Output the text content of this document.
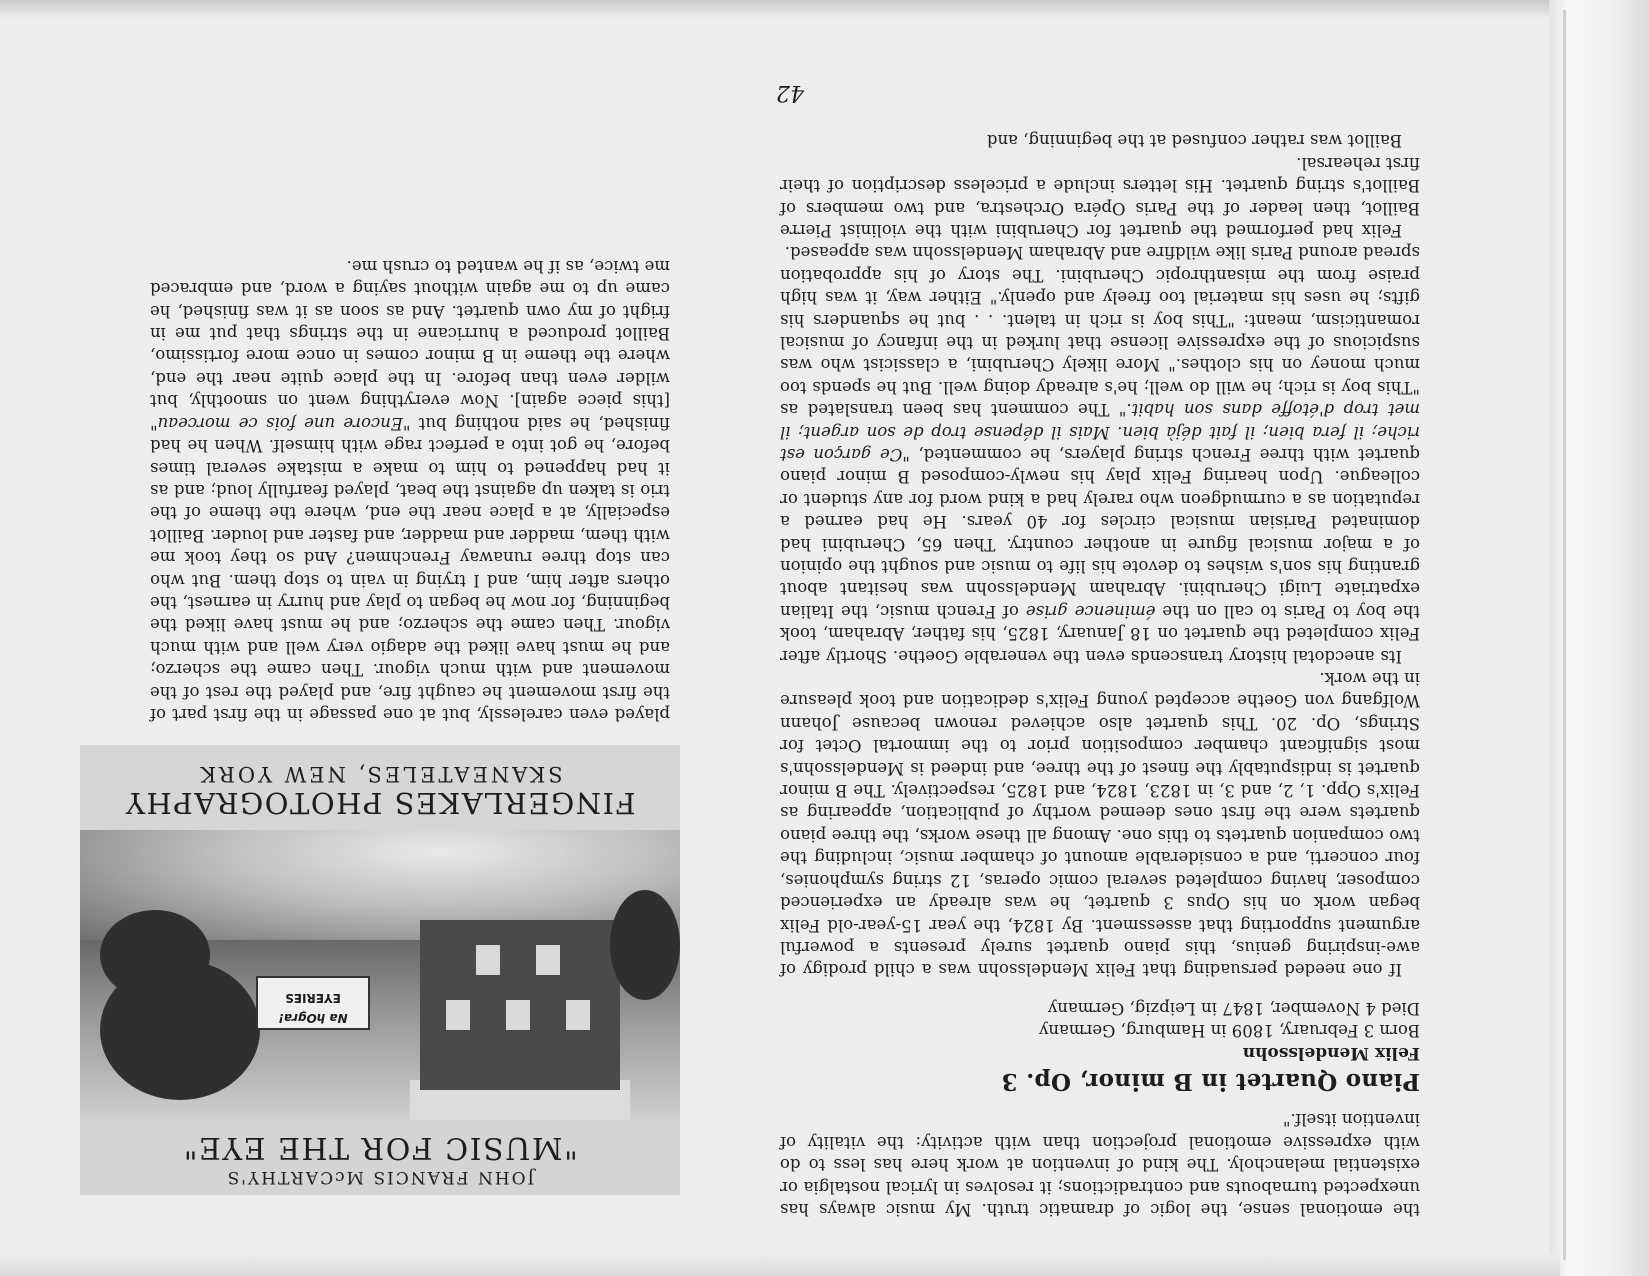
42

the emotional sense, the logic of dramatic truth. My music always has unexpected turnabouts and contradictions; it resolves in lyrical nostalgia or existential melancholy. The kind of invention at work here has less to do with expressive emotional projection than with activity: the vitality of invention itself."

Piano Quartet in B minor, Op. 3

Felix Mendelssohn

Born 3 February, 1809 in Hamburg, Germany

Died 4 November, 1847 in Leipzig, Germany

If one needed persuading that Felix Mendelssohn was a child prodigy of awe-inspiring genius, this piano quartet surely presents a powerful argument supporting that assessment. By 1824, the year 15-year-old Felix began work on his Opus 3 quartet, he was already an experienced composer, having completed several comic operas, 12 string symphonies, four concerti, and a considerable amount of chamber music, including the two companion quartets to this one. Among all these works, the three piano quartets were the first ones deemed worthy of publication, appearing as Felix's Opp. 1, 2, and 3, in 1823, 1824, and 1825, respectively. The B minor quartet is indisputably the finest of the three, and indeed is Mendelssohn's most significant chamber composition prior to the immortal Octet for Strings, Op. 20. This quartet also achieved renown because Johann Wolfgang von Goethe accepted young Felix's dedication and took pleasure in the work.

Its anecdotal history transcends even the venerable Goethe. Shortly after Felix completed the quartet on 18 January, 1825, his father, Abraham, took the boy to Paris to call on the éminence grise of French music, the Italian expatriate Luigi Cherubini. Abraham Mendelssohn was hesitant about granting his son's wishes to devote his life to music and sought the opinion of a major musical figure in another country. Then 65, Cherubini had dominated Parisian musical circles for 40 years. He had earned a reputation as a curmudgeon who rarely had a kind word for any student or colleague. Upon hearing Felix play his newly-composed B minor piano quartet with three French string players, he commented, "Ce garçon est riche; il fera bien; il fait déjà bien. Mais il dépense trop de son argent; il met trop d'étoffe dans son habit." The comment has been translated as "This boy is rich; he will do well; he's already doing well. But he spends too much money on his clothes." More likely Cherubini, a classicist who was suspicious of the expressive license that lurked in the infancy of musical romanticism, meant: "This boy is rich in talent. . . but he squanders his gifts; he uses his material too freely and openly." Either way, it was high praise from the misanthropic Cherubini. The story of his approbation spread around Paris like wildfire and Abraham Mendelssohn was appeased.

Felix had performed the quartet for Cherubini with the violinist Pierre Baillot, then leader of the Paris Opéra Orchestra, and two members of Baillot's string quartet. His letters include a priceless description of their first rehearsal.

Baillot was rather confused at the beginning, and

JOHN FRANCIS McCARTHY'S
"MUSIC FOR THE EYE"
Na hOgra!
EYERIES
FINGERLAKES PHOTOGRAPHY
SKANEATELES, NEW YORK

played even carelessly, but at one passage in the first part of the first movement he caught fire, and played the rest of the movement and with much vigour. Then came the scherzo; and he must have liked the adagio very well and with much vigour. Then came the scherzo; and he must have liked the beginning, for now he began to play and hurry in earnest, the others after him, and I trying in vain to stop them. But who can stop three runaway Frenchmen? And so they took me with them, madder and madder, and faster and louder. Baillot especially, at a place near the end, where the theme of the trio is taken up against the beat, played fearfully loud; and as it had happened to him to make a mistake several times before, he got into a perfect rage with himself. When he had finished, he said nothing but "Encore une fois ce morceau" [this piece again]. Now everything went on smoothly, but wilder even than before. In the place quite near the end, where the theme in B minor comes in once more fortissimo, Baillot produced a hurricane in the strings that put me in fright of my own quartet. And as soon as it was finished, he came up to me again without saying a word, and embraced me twice, as if he wanted to crush me.
